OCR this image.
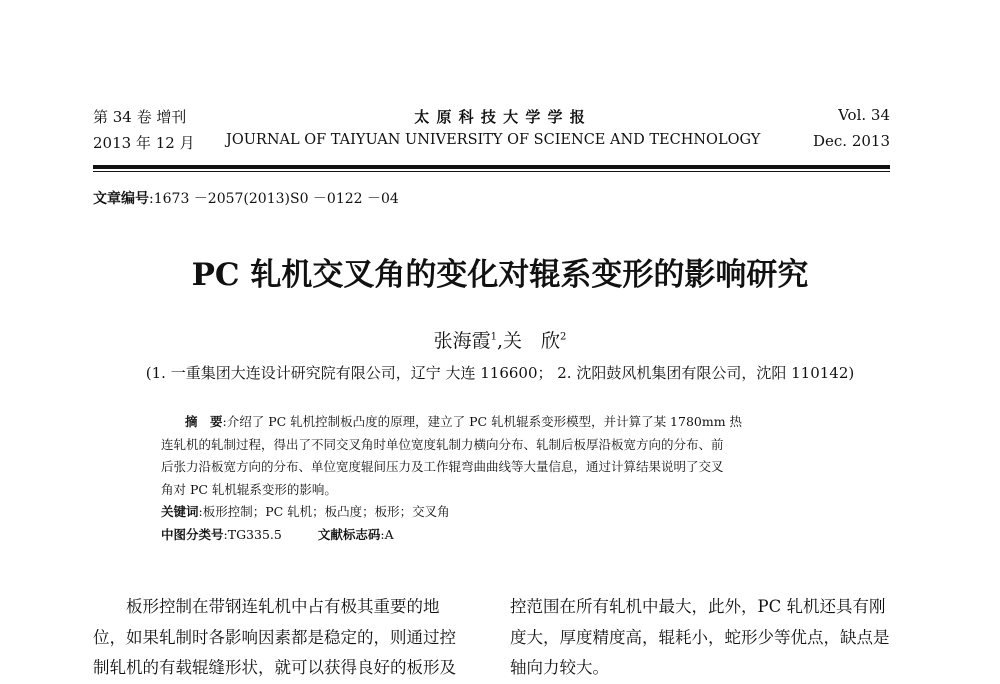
第 34 卷 增刊	太 原 科 技 大 学 学 报	Vol. 34
2013 年 12 月 JOURNAL OF TAIYUAN UNIVERSITY OF SCIENCE AND TECHNOLOGY	Dec. 2013
文章编号:1673 －2057(2013)S0 －0122 －04
PC 轧机交叉角的变化对辊系变形的影响研究
张海霞$^1$,关　欣$^2$
(1. 一重集团大连设计研究院有限公司，辽宁 大连 116600； 2. 沈阳鼓风机集团有限公司，沈阳 110142)
摘　要:介绍了 PC 轧机控制板凸度的原理，建立了 PC 轧机辊系变形模型，并计算了某 1780mm 热
连轧机的轧制过程，得出了不同交叉角时单位宽度轧制力横向分布、轧制后板厚沿板宽方向的分布、前
后张力沿板宽方向的分布、单位宽度辊间压力及工作辊弯曲曲线等大量信息，通过计算结果说明了交叉
角对 PC 轧机辊系变形的影响。
关键词:板形控制；PC 轧机；板凸度；板形；交叉角
中图分类号:TG335.5	文献标志码:A
　　板形控制在带钢连轧机中占有极其重要的地
位，如果轧制时各影响因素都是稳定的，则通过控
制轧机的有载辊缝形状，就可以获得良好的板形及
控范围在所有轧机中最大，此外，PC 轧机还具有刚
度大，厚度精度高，辊耗小，蛇形少等优点，缺点是
轴向力较大。
